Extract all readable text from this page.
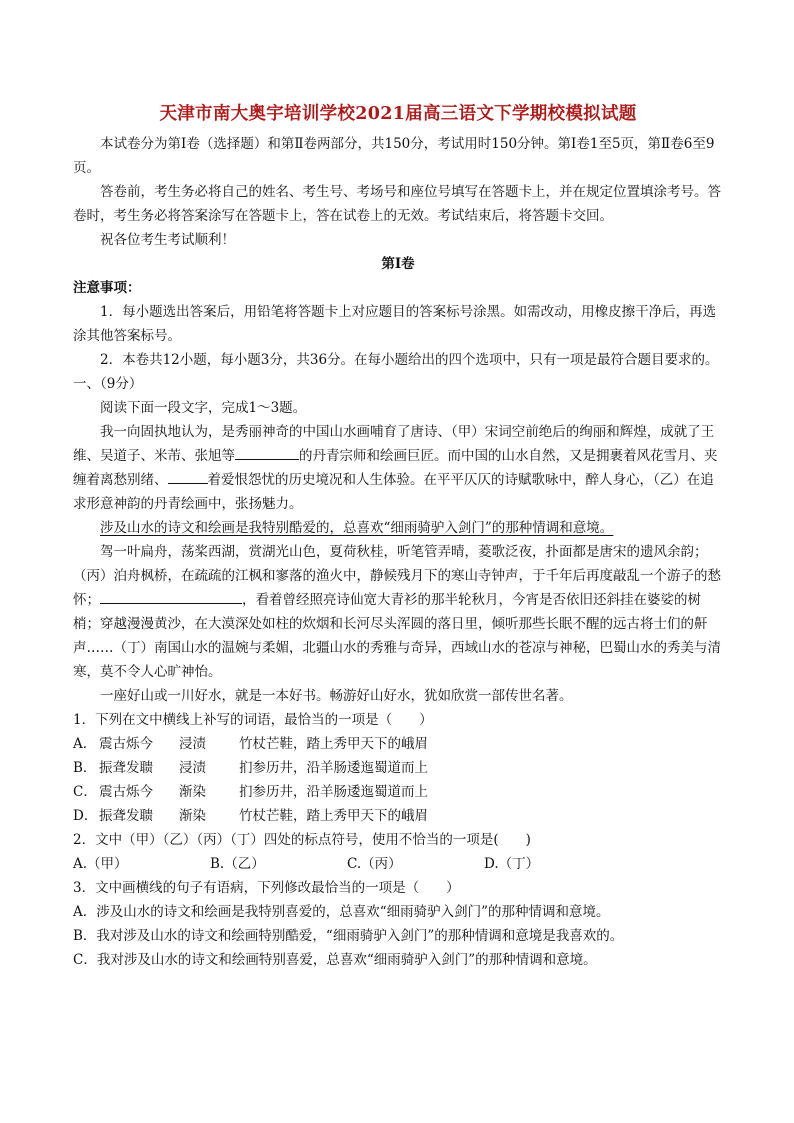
天津市南大奥宇培训学校2021届高三语文下学期校模拟试题

本试卷分为第Ⅰ卷（选择题）和第Ⅱ卷两部分，共150分，考试用时150分钟。第Ⅰ卷1至5页，第Ⅱ卷6至9页。

答卷前，考生务必将自己的姓名、考生号、考场号和座位号填写在答题卡上，并在规定位置填涂考号。答卷时，考生务必将答案涂写在答题卡上，答在试卷上的无效。考试结束后，将答题卡交回。

祝各位考生考试顺利！

第Ⅰ卷

注意事项：

1．每小题选出答案后，用铅笔将答题卡上对应题目的答案标号涂黑。如需改动，用橡皮擦干净后，再选涂其他答案标号。

2．本卷共12小题，每小题3分，共36分。在每小题给出的四个选项中，只有一项是最符合题目要求的。

一、（9分）

阅读下面一段文字，完成1～3题。

我一向固执地认为，是秀丽神奇的中国山水画哺育了唐诗、（甲）宋词空前绝后的绚丽和辉煌，成就了王维、吴道子、米芾、张旭等	的丹青宗师和绘画巨匠。而中国的山水自然，又是拥裹着风花雪月、夹缠着离愁别绪、	着爱恨怨忧的历史境况和人生体验。在平平仄仄的诗赋歌咏中，醉人身心，（乙）在追求形意神韵的丹青绘画中，张扬魅力。

涉及山水的诗文和绘画是我特别酷爱的，总喜欢“细雨骑驴入剑门”的那种情调和意境。

驾一叶扁舟，荡桨西湖，赏湖光山色，夏荷秋桂，听笔管弄晴，菱歌泛夜，扑面都是唐宋的遗风余韵；（丙）泊舟枫桥，在疏疏的江枫和寥落的渔火中，静候残月下的寒山寺钟声，于千年后再度敲乱一个游子的愁怀；	，看着曾经照亮诗仙宽大青衫的那半轮秋月，今宵是否依旧还斜挂在婆娑的树梢；穿越漫漫黄沙，在大漠深处如柱的炊烟和长河尽头浑圆的落日里，倾听那些长眠不醒的远古将士们的鼾声……（丁）南国山水的温婉与柔媚，北疆山水的秀雅与奇异，西域山水的苍凉与神秘，巴蜀山水的秀美与清寒，莫不令人心旷神怡。

一座好山或一川好水，就是一本好书。畅游好山好水，犹如欣赏一部传世名著。

1．下列在文中横线上补写的词语，最恰当的一项是（　　）

A． 震古烁今	浸渍	竹杖芒鞋，踏上秀甲天下的峨眉
B． 振聋发聩	浸渍	扪参历井，沿羊肠逶迤蜀道而上
C． 震古烁今	渐染	扪参历井，沿羊肠逶迤蜀道而上
D． 振聋发聩	渐染	竹杖芒鞋，踏上秀甲天下的峨眉

2．文中（甲）（乙）（丙）（丁）四处的标点符号，使用不恰当的一项是(　　)

A.（甲）	B.（乙）	C.（丙）	D.（丁）

3．文中画横线的句子有语病，下列修改最恰当的一项是（　　）

A．涉及山水的诗文和绘画是我特别喜爱的，总喜欢“细雨骑驴入剑门”的那种情调和意境。

B．我对涉及山水的诗文和绘画特别酷爱，“细雨骑驴入剑门”的那种情调和意境是我喜欢的。

C．我对涉及山水的诗文和绘画特别喜爱，总喜欢“细雨骑驴入剑门”的那种情调和意境。
